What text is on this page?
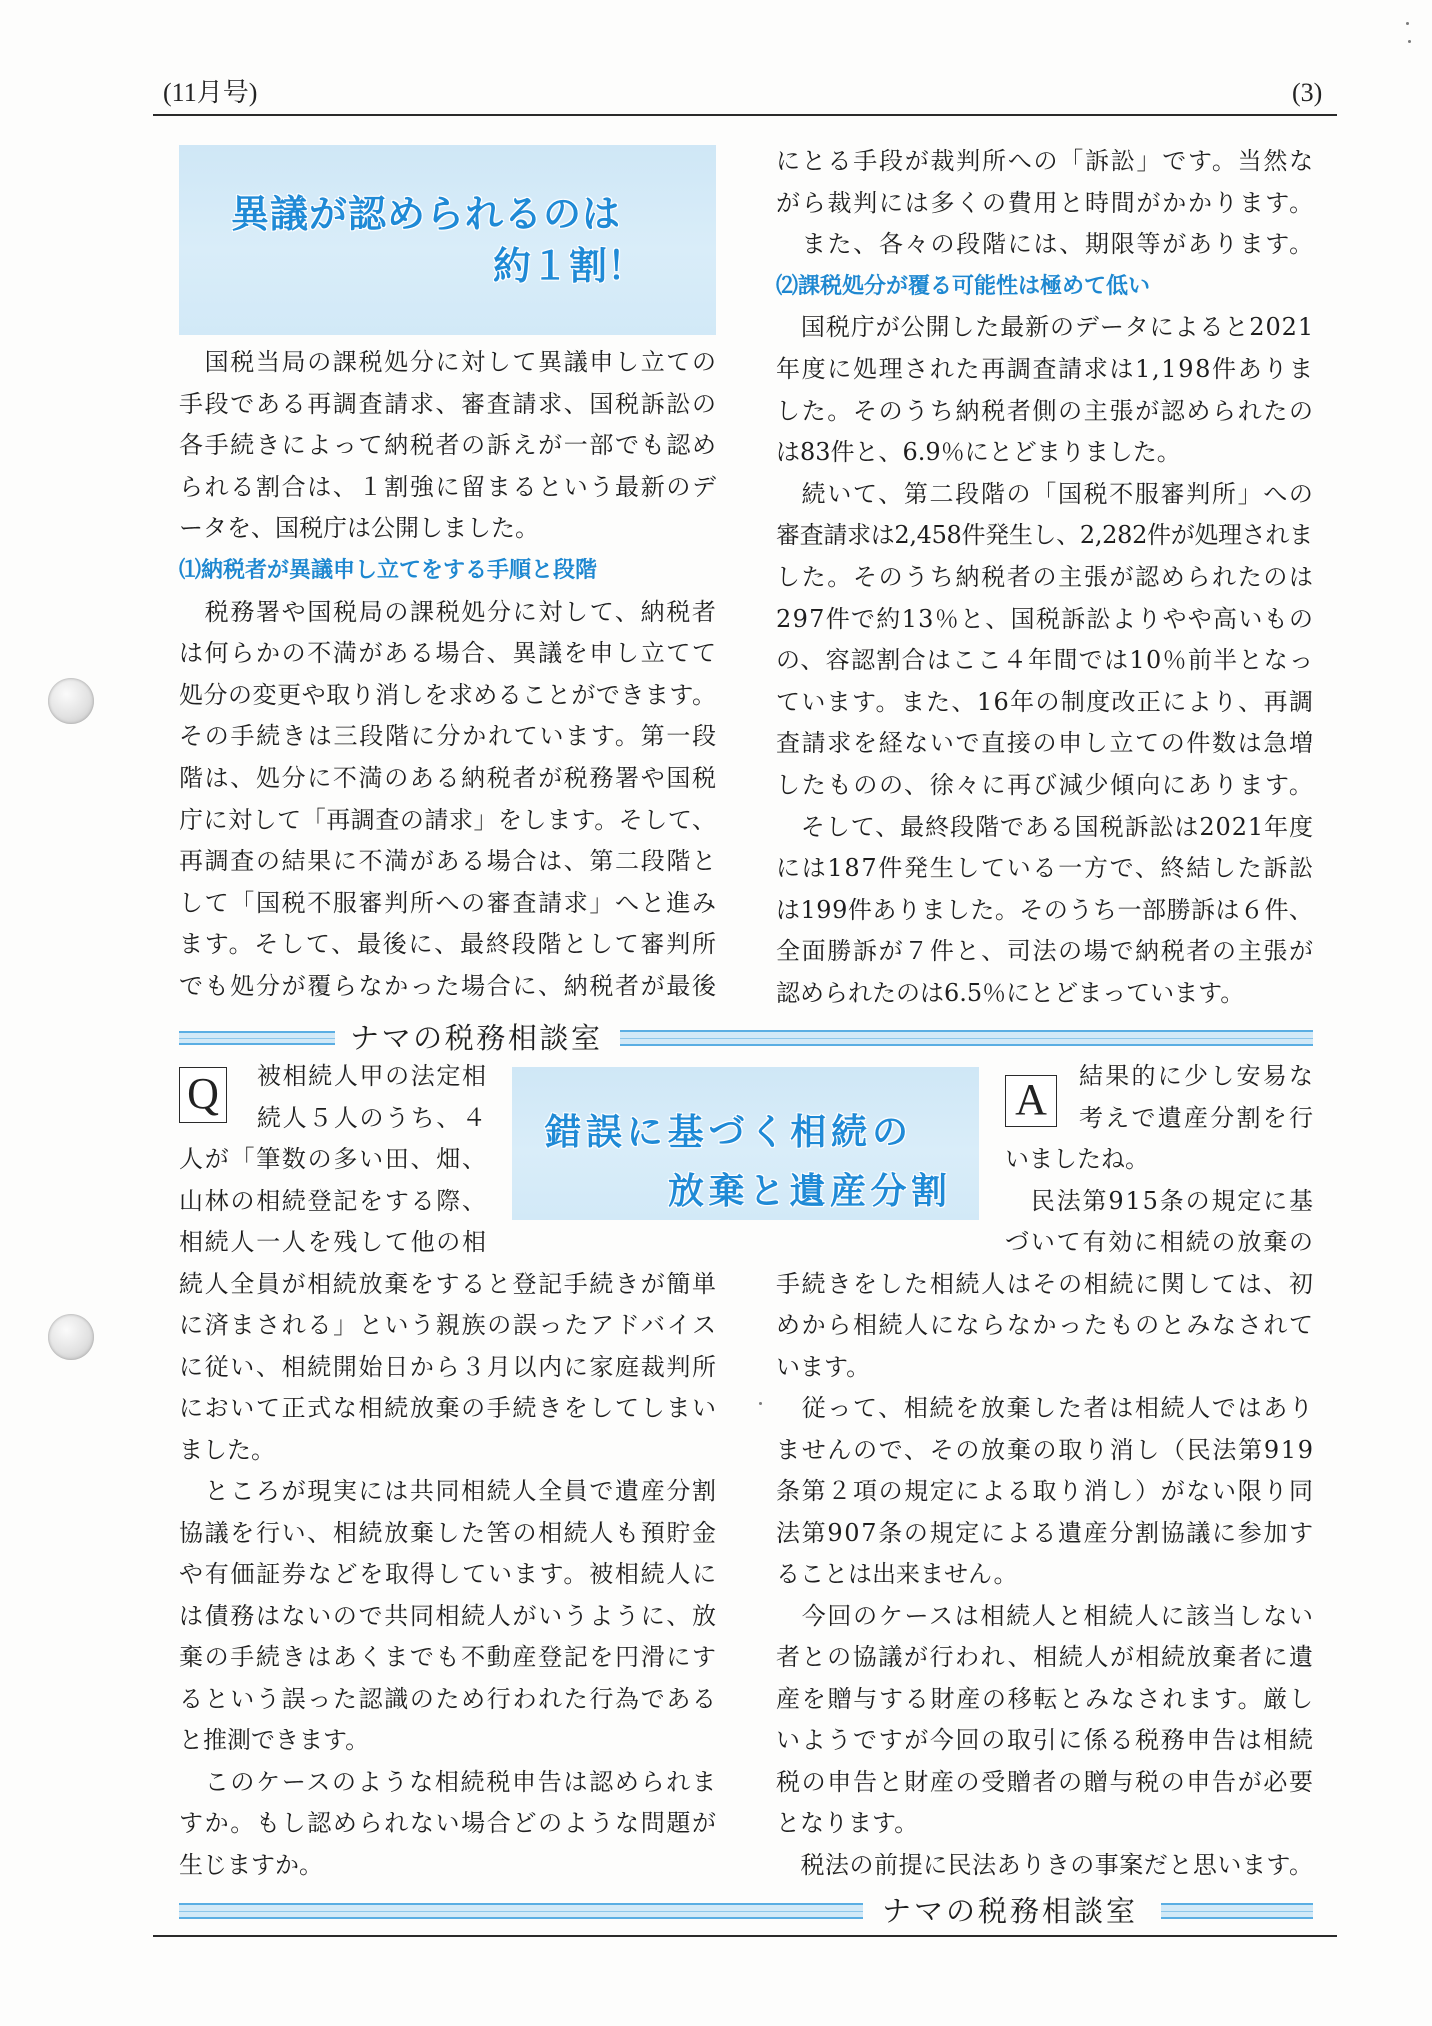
(11月号)	(3)
異議が認められるのは
約１割！
　国税当局の課税処分に対して異議申し立ての
手段である再調査請求、審査請求、国税訴訟の
各手続きによって納税者の訴えが一部でも認め
られる割合は、１割強に留まるという最新のデ
ータを、国税庁は公開しました。
⑴納税者が異議申し立てをする手順と段階
　税務署や国税局の課税処分に対して、納税者
は何らかの不満がある場合、異議を申し立てて
処分の変更や取り消しを求めることができます。
その手続きは三段階に分かれています。第一段
階は、処分に不満のある納税者が税務署や国税
庁に対して「再調査の請求」をします。そして、
再調査の結果に不満がある場合は、第二段階と
して「国税不服審判所への審査請求」へと進み
ます。そして、最後に、最終段階として審判所
でも処分が覆らなかった場合に、納税者が最後
にとる手段が裁判所への「訴訟」です。当然な
がら裁判には多くの費用と時間がかかります。
　また、各々の段階には、期限等があります。
⑵課税処分が覆る可能性は極めて低い
　国税庁が公開した最新のデータによると2021
年度に処理された再調査請求は1,198件ありま
した。そのうち納税者側の主張が認められたの
は83件と、6.9％にとどまりました。
　続いて、第二段階の「国税不服審判所」への
審査請求は2,458件発生し、2,282件が処理されま
した。そのうち納税者の主張が認められたのは
297件で約13％と、国税訴訟よりやや高いもの
の、容認割合はここ４年間では10％前半となっ
ています。また、16年の制度改正により、再調
査請求を経ないで直接の申し立ての件数は急増
したものの、徐々に再び減少傾向にあります。
　そして、最終段階である国税訴訟は2021年度
には187件発生している一方で、終結した訴訟
は199件ありました。そのうち一部勝訴は６件、
全面勝訴が７件と、司法の場で納税者の主張が
認められたのは6.5％にとどまっています。
ナマの税務相談室
錯誤に基づく相続の
放棄と遺産分割
Q	被相続人甲の法定相
続人５人のうち、４
人が「筆数の多い田、畑、
山林の相続登記をする際、
相続人一人を残して他の相
続人全員が相続放棄をすると登記手続きが簡単
に済まされる」という親族の誤ったアドバイス
に従い、相続開始日から３月以内に家庭裁判所
において正式な相続放棄の手続きをしてしまい
ました。
　ところが現実には共同相続人全員で遺産分割
協議を行い、相続放棄した筈の相続人も預貯金
や有価証券などを取得しています。被相続人に
は債務はないので共同相続人がいうように、放
棄の手続きはあくまでも不動産登記を円滑にす
るという誤った認識のため行われた行為である
と推測できます。
　このケースのような相続税申告は認められま
すか。もし認められない場合どのような問題が
生じますか。
A	結果的に少し安易な
考えで遺産分割を行
いましたね。
　民法第915条の規定に基
づいて有効に相続の放棄の
手続きをした相続人はその相続に関しては、初
めから相続人にならなかったものとみなされて
います。
　従って、相続を放棄した者は相続人ではあり
ませんので、その放棄の取り消し（民法第919
条第２項の規定による取り消し）がない限り同
法第907条の規定による遺産分割協議に参加す
ることは出来ません。
　今回のケースは相続人と相続人に該当しない
者との協議が行われ、相続人が相続放棄者に遺
産を贈与する財産の移転とみなされます。厳し
いようですが今回の取引に係る税務申告は相続
税の申告と財産の受贈者の贈与税の申告が必要
となります。
　税法の前提に民法ありきの事案だと思います。
ナマの税務相談室
